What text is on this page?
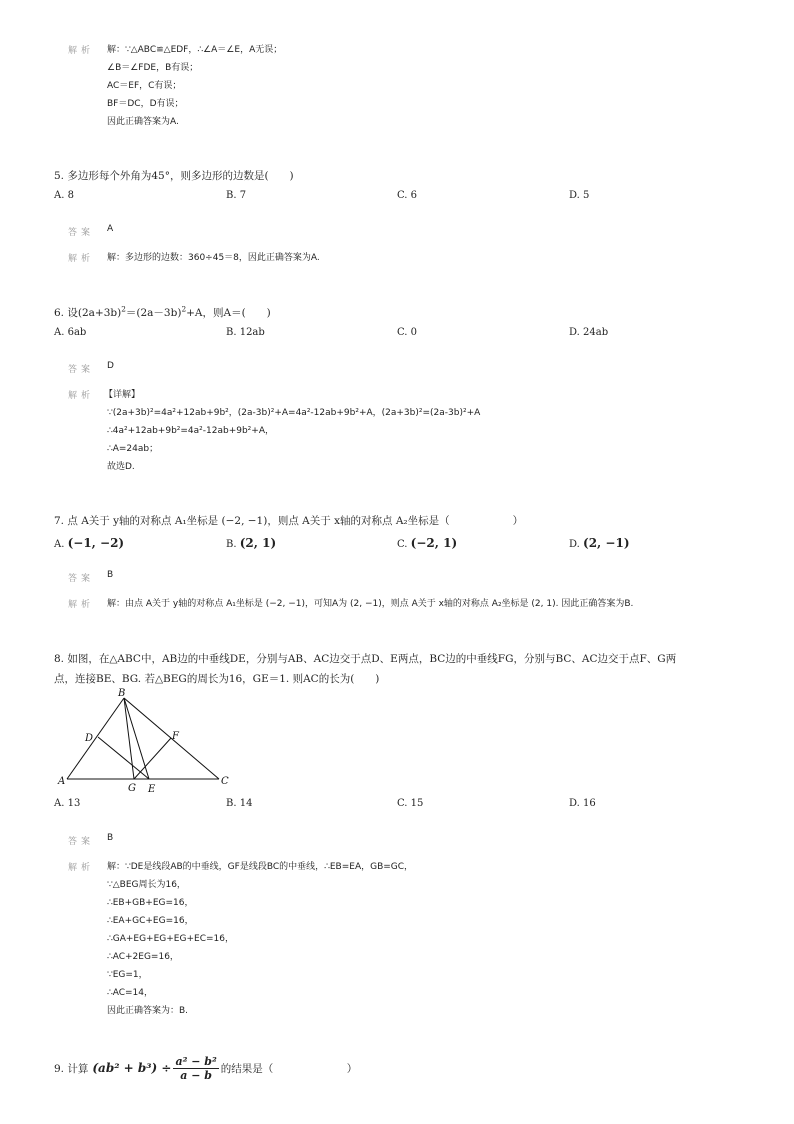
解析 解：∵△ABC≌△EDF，∴∠A＝∠E，A无误；
∠B＝∠FDE，B有误；
AC＝EF，C有误；
BF＝DC，D有误；
因此正确答案为A.
5. 多边形每个外角为45°，则多边形的边数是(　　)
A. 8	B. 7	C. 6	D. 5
答案 A
解析 解：多边形的边数：360÷45＝8，因此正确答案为A.
6. 设$(2a+3b)^2=(2a-3b)^2+A$，则A＝(　　)
A. 6ab	B. 12ab	C. 0	D. 24ab
答案 D
解析 【详解】
∵(2a+3b)²=4a²+12ab+9b²，(2a-3b)²+A=4a²-12ab+9b²+A，(2a+3b)²=(2a-3b)²+A
∴4a²+12ab+9b²=4a²-12ab+9b²+A，
∴A=24ab；
故选D.
7. 点 A关于 y轴的对称点 A₁坐标是 (−2, −1)，则点 A关于 x轴的对称点 A₂坐标是（　　　　　　）
A. (−1, −2)	B. (2, 1)	C. (−2, 1)	D. (2, −1)
答案 B
解析 解：由点 A关于 y轴的对称点 A₁坐标是 (−2, −1)，可知A为 (2, −1)，则点 A关于 x轴的对称点 A₂坐标是 (2, 1). 因此正确答案为B.
8. 如图，在△ABC中，AB边的中垂线DE，分别与AB、AC边交于点D、E两点，BC边的中垂线FG，分别与BC、AC边交于点F、G两
点，连接BE、BG. 若△BEG的周长为16，GE＝1. 则AC的长为(　　)
B
D	F
A	C
G E
A. 13	B. 14	C. 15	D. 16
答案 B
解析 解：∵DE是线段AB的中垂线，GF是线段BC的中垂线，∴EB=EA，GB=GC，
∵△BEG周长为16，
∴EB+GB+EG=16，
∴EA+GC+EG=16，
∴GA+EG+EG+EG+EC=16，
∴AC+2EG=16，
∵EG=1，
∴AC=14，
因此正确答案为：B.
9. 计算 $(ab^2 + b^3) \div \frac{\text{a² − b²}}{a - b}$ 的结果是（　　　　　　　）
